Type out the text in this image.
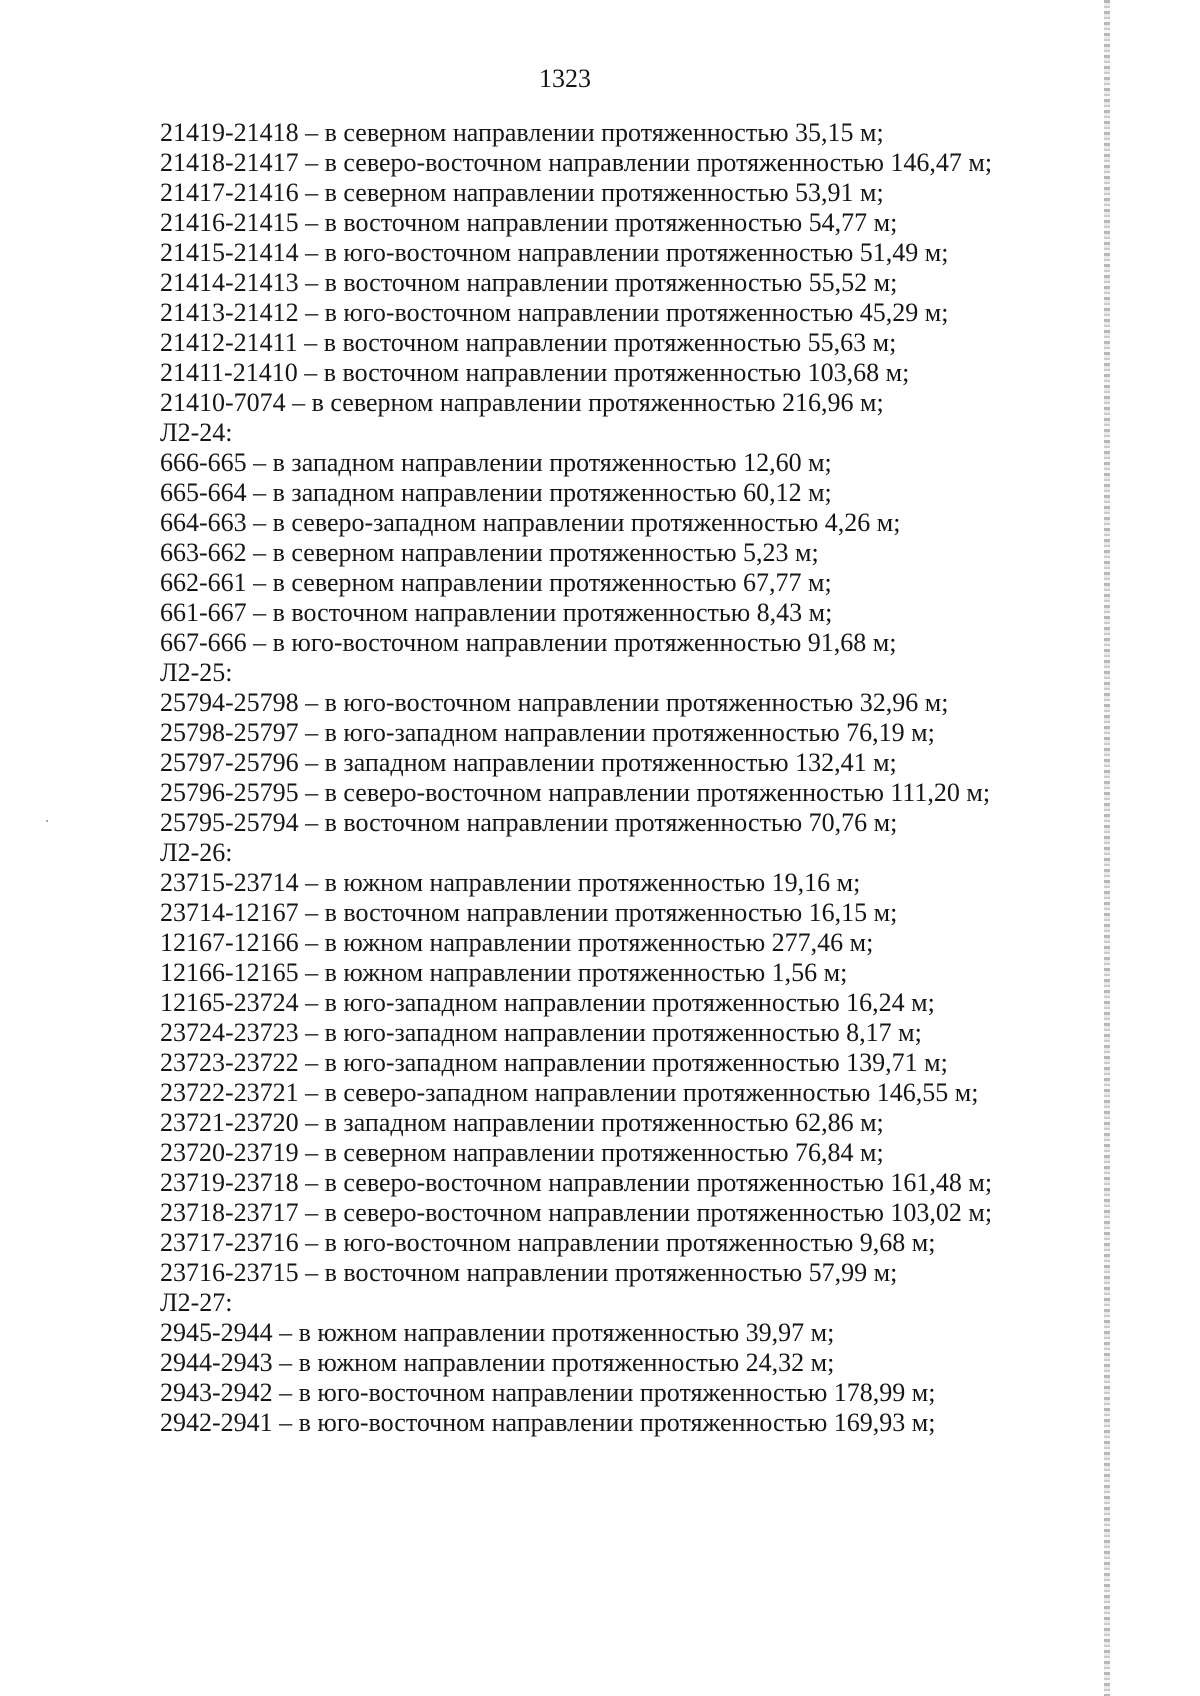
1323
21419-21418 – в северном направлении протяженностью 35,15 м;
21418-21417 – в северо-восточном направлении протяженностью 146,47 м;
21417-21416 – в северном направлении протяженностью 53,91 м;
21416-21415 – в восточном направлении протяженностью 54,77 м;
21415-21414 – в юго-восточном направлении протяженностью 51,49 м;
21414-21413 – в восточном направлении протяженностью 55,52 м;
21413-21412 – в юго-восточном направлении протяженностью 45,29 м;
21412-21411 – в восточном направлении протяженностью 55,63 м;
21411-21410 – в восточном направлении протяженностью 103,68 м;
21410-7074 – в северном направлении протяженностью 216,96 м;
Л2-24:
666-665 – в западном направлении протяженностью 12,60 м;
665-664 – в западном направлении протяженностью 60,12 м;
664-663 – в северо-западном направлении протяженностью 4,26 м;
663-662 – в северном направлении протяженностью 5,23 м;
662-661 – в северном направлении протяженностью 67,77 м;
661-667 – в восточном направлении протяженностью 8,43 м;
667-666 – в юго-восточном направлении протяженностью 91,68 м;
Л2-25:
25794-25798 – в юго-восточном направлении протяженностью 32,96 м;
25798-25797 – в юго-западном направлении протяженностью 76,19 м;
25797-25796 – в западном направлении протяженностью 132,41 м;
25796-25795 – в северо-восточном направлении протяженностью 111,20 м;
25795-25794 – в восточном направлении протяженностью 70,76 м;
Л2-26:
23715-23714 – в южном направлении протяженностью 19,16 м;
23714-12167 – в восточном направлении протяженностью 16,15 м;
12167-12166 – в южном направлении протяженностью 277,46 м;
12166-12165 – в южном направлении протяженностью 1,56 м;
12165-23724 – в юго-западном направлении протяженностью 16,24 м;
23724-23723 – в юго-западном направлении протяженностью 8,17 м;
23723-23722 – в юго-западном направлении протяженностью 139,71 м;
23722-23721 – в северо-западном направлении протяженностью 146,55 м;
23721-23720 – в западном направлении протяженностью 62,86 м;
23720-23719 – в северном направлении протяженностью 76,84 м;
23719-23718 – в северо-восточном направлении протяженностью 161,48 м;
23718-23717 – в северо-восточном направлении протяженностью 103,02 м;
23717-23716 – в юго-восточном направлении протяженностью 9,68 м;
23716-23715 – в восточном направлении протяженностью 57,99 м;
Л2-27:
2945-2944 – в южном направлении протяженностью 39,97 м;
2944-2943 – в южном направлении протяженностью 24,32 м;
2943-2942 – в юго-восточном направлении протяженностью 178,99 м;
2942-2941 – в юго-восточном направлении протяженностью 169,93 м;
